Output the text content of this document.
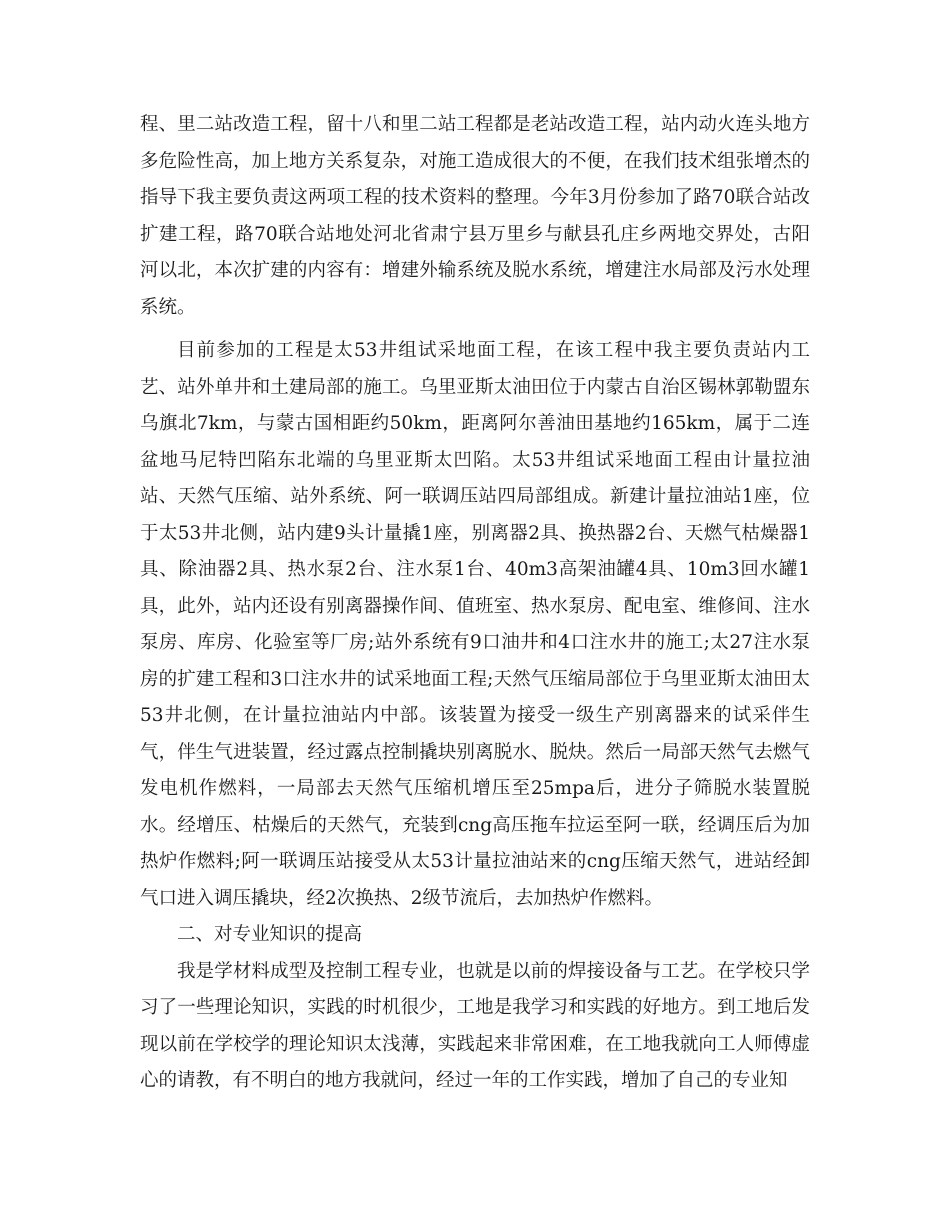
程、里二站改造工程，留十八和里二站工程都是老站改造工程，站内动火连头地方多危险性高，加上地方关系复杂，对施工造成很大的不便，在我们技术组张增杰的指导下我主要负责这两项工程的技术资料的整理。今年3月份参加了路70联合站改扩建工程，路70联合站地处河北省肃宁县万里乡与献县孔庄乡两地交界处，古阳河以北，本次扩建的内容有：增建外输系统及脱水系统，增建注水局部及污水处理系统。

目前参加的工程是太53井组试采地面工程，在该工程中我主要负责站内工艺、站外单井和土建局部的施工。乌里亚斯太油田位于内蒙古自治区锡林郭勒盟东乌旗北7km，与蒙古国相距约50km，距离阿尔善油田基地约165km，属于二连盆地马尼特凹陷东北端的乌里亚斯太凹陷。太53井组试采地面工程由计量拉油站、天然气压缩、站外系统、阿一联调压站四局部组成。新建计量拉油站1座，位于太53井北侧，站内建9头计量撬1座，别离器2具、换热器2台、天燃气枯燥器1具、除油器2具、热水泵2台、注水泵1台、40m3高架油罐4具、10m3回水罐1具，此外，站内还设有别离器操作间、值班室、热水泵房、配电室、维修间、注水泵房、库房、化验室等厂房;站外系统有9口油井和4口注水井的施工;太27注水泵房的扩建工程和3口注水井的试采地面工程;天然气压缩局部位于乌里亚斯太油田太53井北侧，在计量拉油站内中部。该装置为接受一级生产别离器来的试采伴生气，伴生气进装置，经过露点控制撬块别离脱水、脱炔。然后一局部天然气去燃气发电机作燃料，一局部去天然气压缩机增压至25mpa后，进分子筛脱水装置脱水。经增压、枯燥后的天然气，充装到cng高压拖车拉运至阿一联，经调压后为加热炉作燃料;阿一联调压站接受从太53计量拉油站来的cng压缩天然气，进站经卸气口进入调压撬块，经2次换热、2级节流后，去加热炉作燃料。

二、对专业知识的提高

我是学材料成型及控制工程专业，也就是以前的焊接设备与工艺。在学校只学习了一些理论知识，实践的时机很少，工地是我学习和实践的好地方。到工地后发现以前在学校学的理论知识太浅薄，实践起来非常困难，在工地我就向工人师傅虚心的请教，有不明白的地方我就问，经过一年的工作实践，增加了自己的专业知
